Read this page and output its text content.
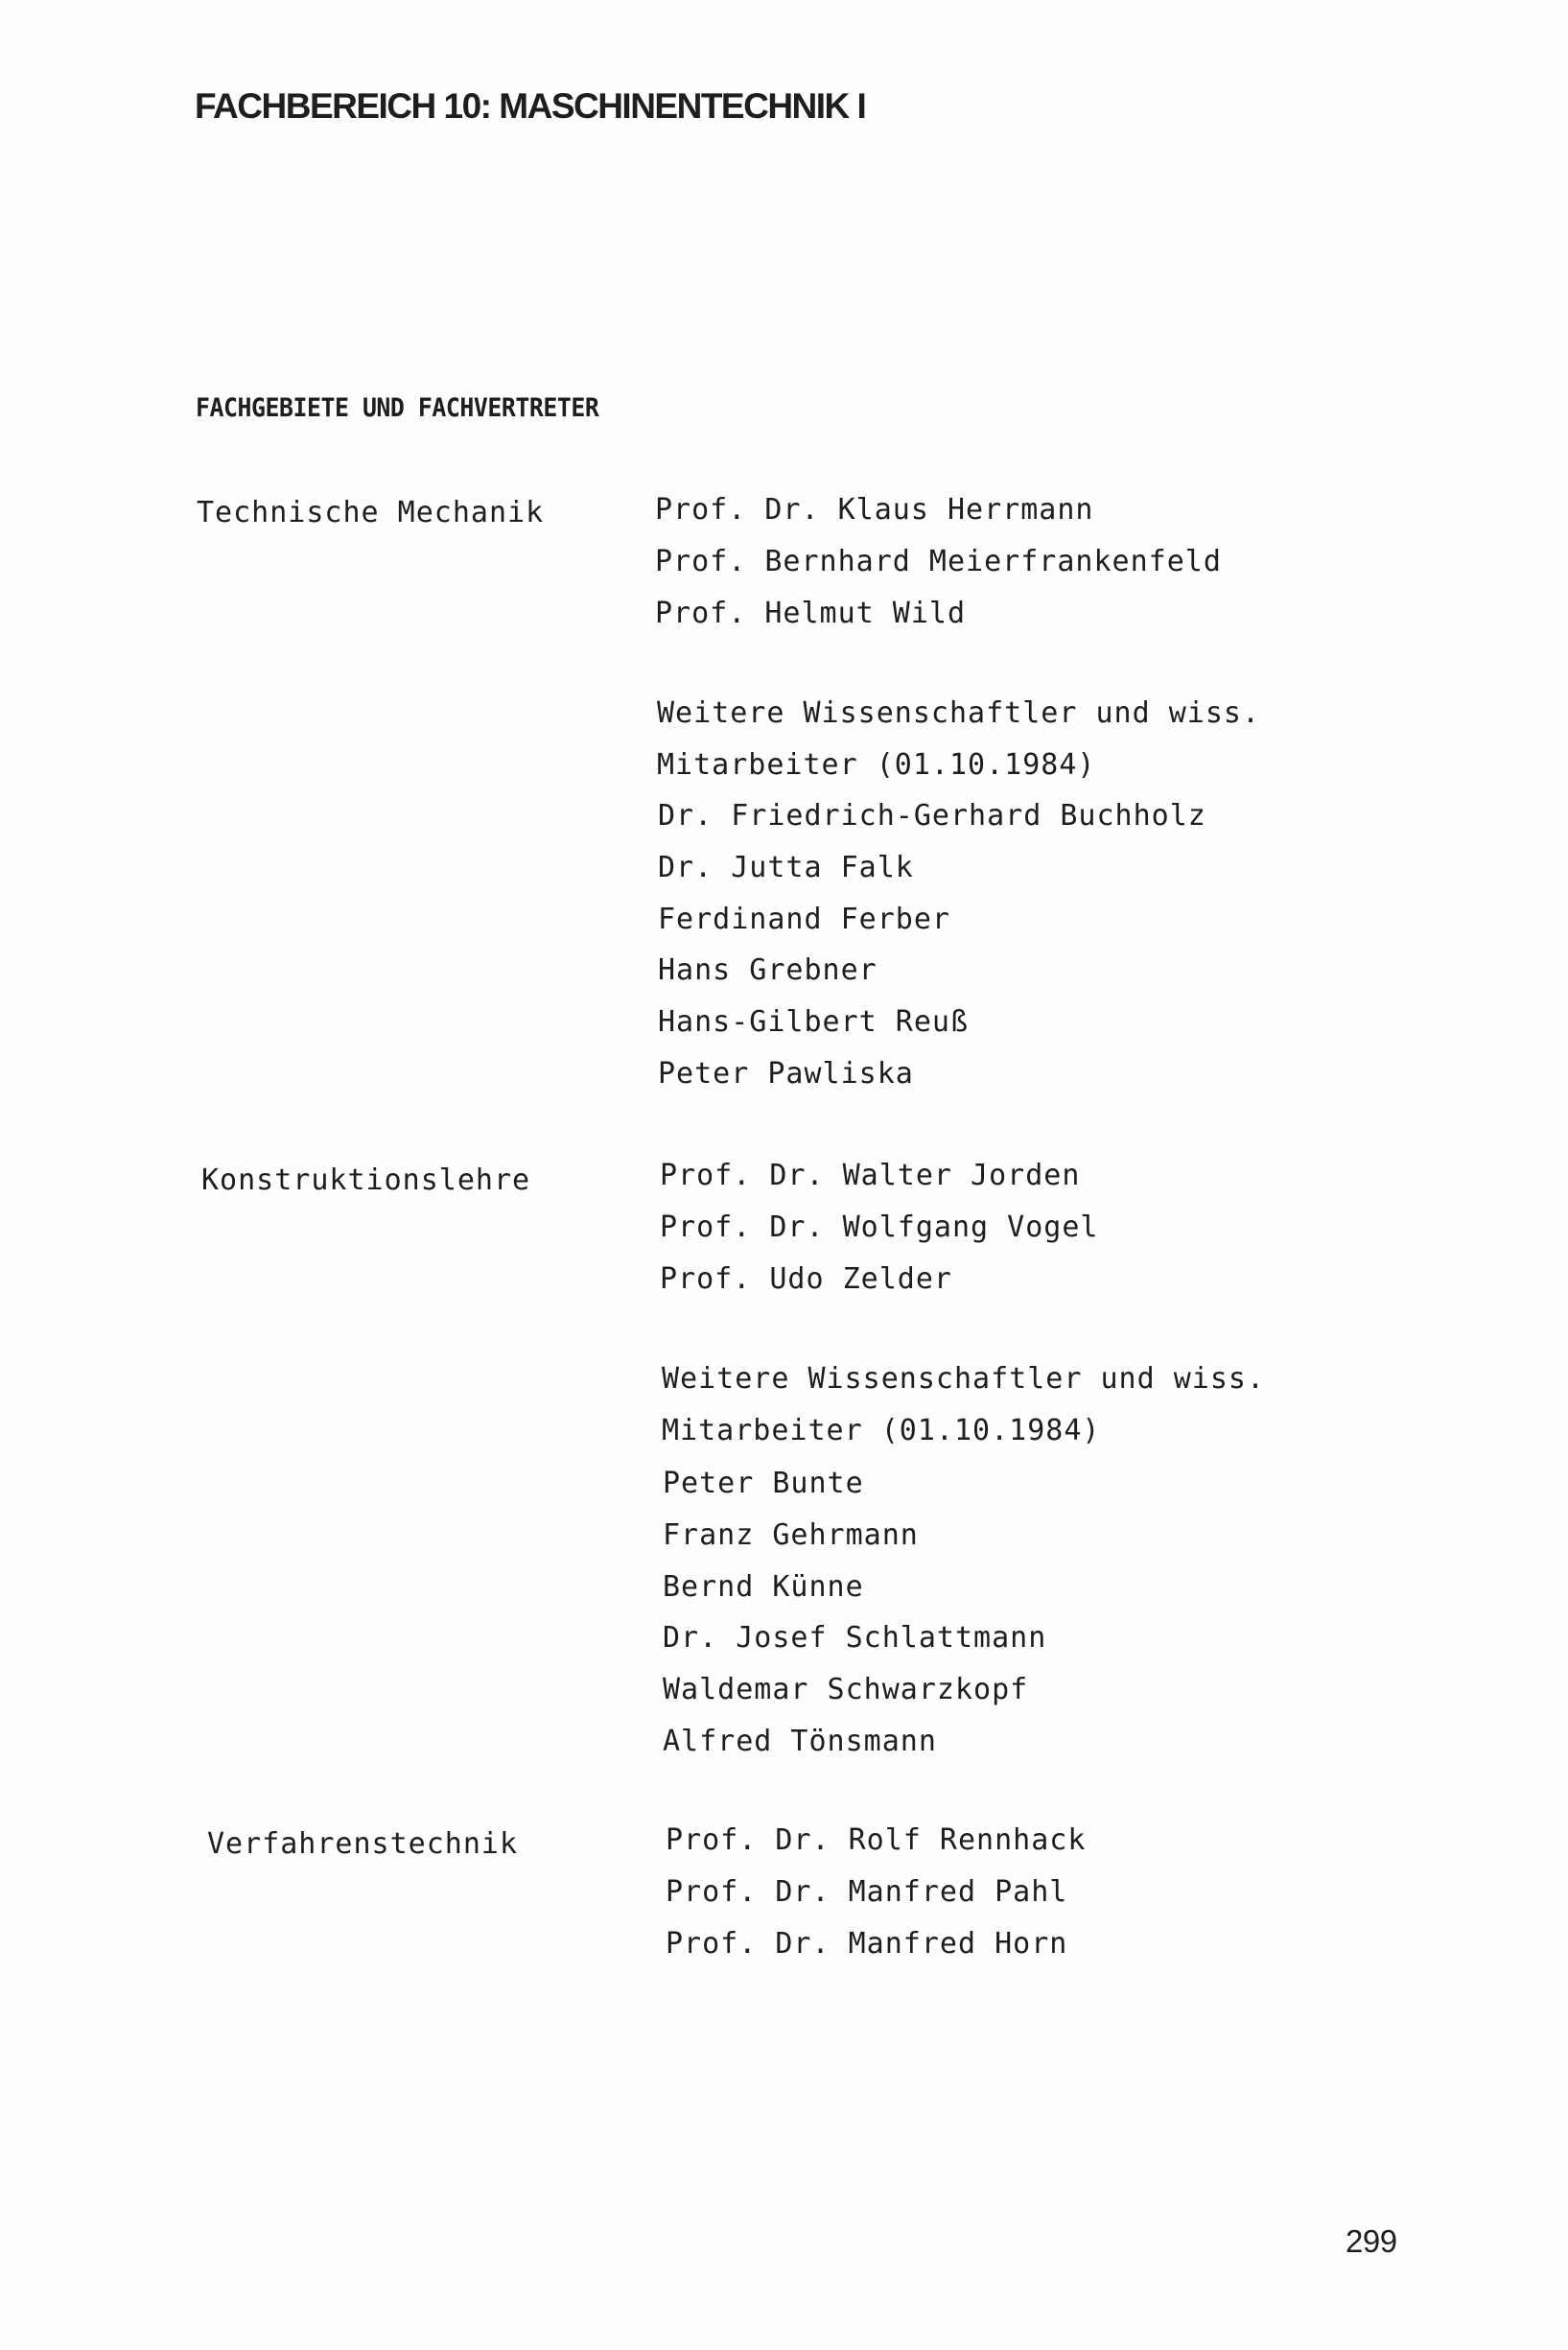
FACHBEREICH 10: MASCHINENTECHNIK I
FACHGEBIETE UND FACHVERTRETER
Technische Mechanik	Prof. Dr. Klaus Herrmann
Prof. Bernhard Meierfrankenfeld
Prof. Helmut Wild
Weitere Wissenschaftler und wiss.
Mitarbeiter (01.10.1984)
Dr. Friedrich-Gerhard Buchholz
Dr. Jutta Falk
Ferdinand Ferber
Hans Grebner
Hans-Gilbert Reuß
Peter Pawliska
Konstruktionslehre	Prof. Dr. Walter Jorden
Prof. Dr. Wolfgang Vogel
Prof. Udo Zelder
Weitere Wissenschaftler und wiss.
Mitarbeiter (01.10.1984)
Peter Bunte
Franz Gehrmann
Bernd Künne
Dr. Josef Schlattmann
Waldemar Schwarzkopf
Alfred Tönsmann
Verfahrenstechnik	Prof. Dr. Rolf Rennhack
Prof. Dr. Manfred Pahl
Prof. Dr. Manfred Horn

299
